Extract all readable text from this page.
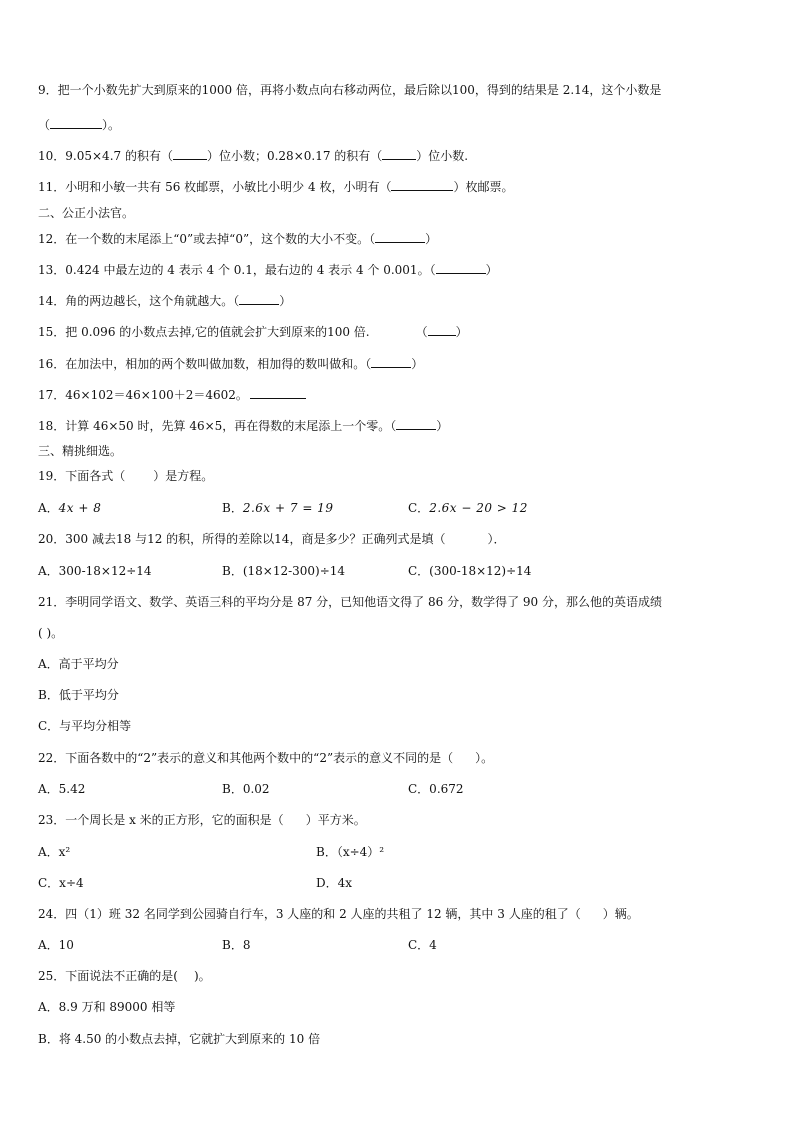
9．把一个小数先扩大到原来的1000 倍，再将小数点向右移动两位，最后除以100，得到的结果是 2.14，这个小数是
（	）。
10．9.05×4.7 的积有（	）位小数；0.28×0.17 的积有（	）位小数.
11．小明和小敏一共有 56 枚邮票，小敏比小明少 4 枚，小明有（	）枚邮票。
二、公正小法官。
12．在一个数的末尾添上“0”或去掉“0”，这个数的大小不变。（	）
13．0.424 中最左边的 4 表示 4 个 0.1，最右边的 4 表示 4 个 0.001。（	）
14．角的两边越长，这个角就越大。（	）
15．把 0.096 的小数点去掉,它的值就会扩大到原来的100 倍.	（ ）
16．在加法中，相加的两个数叫做加数，相加得的数叫做和。（	）
17．46×102＝46×100＋2＝4602。
18．计算 46×50 时，先算 46×5，再在得数的末尾添上一个零。（	）
三、精挑细选。
19．下面各式（ ）是方程。
A．4x + 8	B．2.6x + 7 = 19	C．2.6x − 20 > 12
20．300 减去18 与12 的积，所得的差除以14，商是多少？正确列式是填（	）．
A．300-18×12÷14	B．(18×12-300)÷14	C．(300-18×12)÷14
21．李明同学语文、数学、英语三科的平均分是 87 分，已知他语文得了 86 分，数学得了 90 分，那么他的英语成绩
( )。
A．高于平均分
B．低于平均分
C．与平均分相等
22．下面各数中的“2”表示的意义和其他两个数中的“2”表示的意义不同的是（ ）。
A．5.42	B．0.02	C．0.672
23．一个周长是 x 米的正方形，它的面积是（ ）平方米。
A．x²	B．（x÷4）²
C．x÷4	D．4x
24．四（1）班 32 名同学到公园骑自行车，3 人座的和 2 人座的共租了 12 辆，其中 3 人座的租了（ ）辆。
A．10	B．8	C．4
25．下面说法不正确的是( )。
A．8.9 万和 89000 相等
B．将 4.50 的小数点去掉，它就扩大到原来的 10 倍
